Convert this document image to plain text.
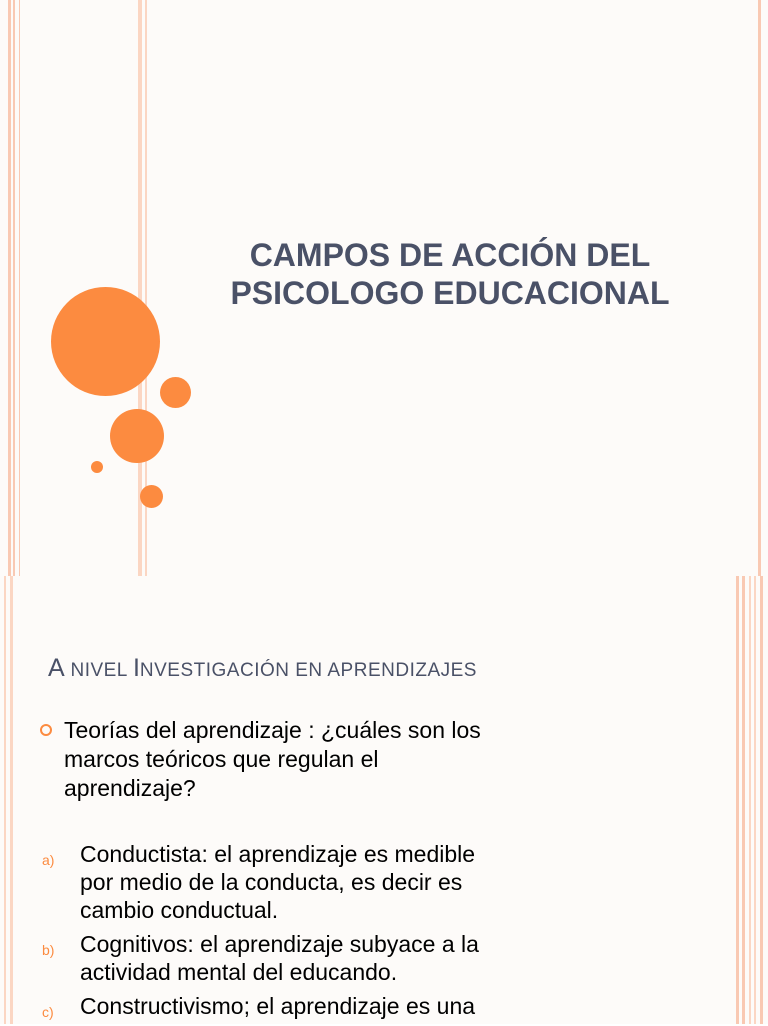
CAMPOS DE ACCIÓN DEL
PSICOLOGO EDUCACIONAL
A NIVEL INVESTIGACIÓN EN APRENDIZAJES
Teorías del aprendizaje : ¿cuáles son los
marcos teóricos que regulan el
aprendizaje?
a) Conductista: el aprendizaje es medible
por medio de la conducta, es decir es
cambio conductual.
b) Cognitivos: el aprendizaje subyace a la
actividad mental del educando.
c) Constructivismo; el aprendizaje es una
